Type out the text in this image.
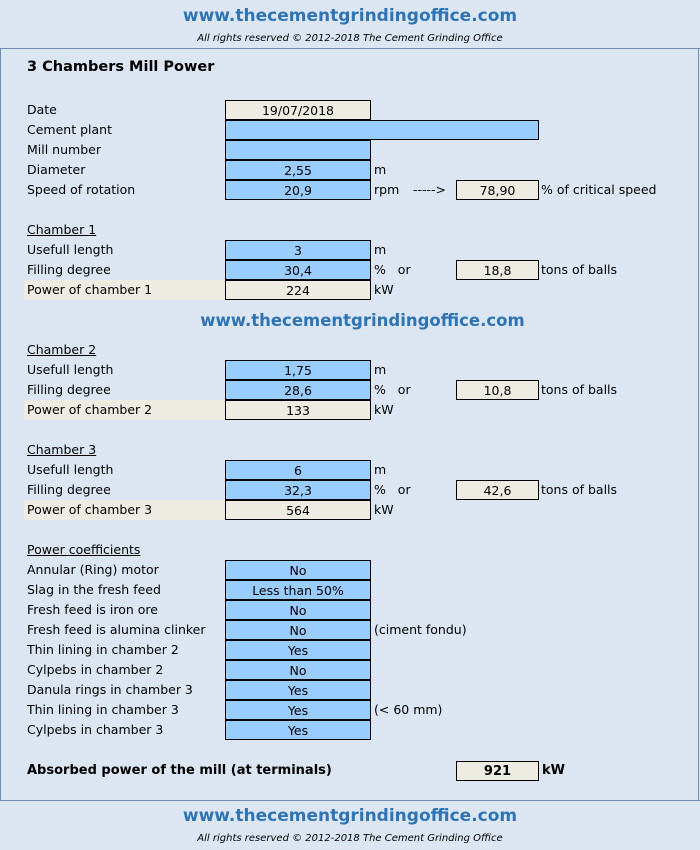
www.thecementgrindingoffice.com
All rights reserved © 2012-2018 The Cement Grinding Office
3 Chambers Mill Power
Date	19/07/2018
Cement plant
Mill number
Diameter	2,55	m
Speed of rotation	20,9	rpm ----->	78,90	% of critical speed
Chamber 1
Usefull length	3	m
Filling degree	30,4	%   or	18,8	tons of balls
Power of chamber 1	224	kW
www.thecementgrindingoffice.com
Chamber 2
Usefull length	1,75	m
Filling degree	28,6	%   or	10,8	tons of balls
Power of chamber 2	133	kW
Chamber 3
Usefull length	6	m
Filling degree	32,3	%   or	42,6	tons of balls
Power of chamber 3	564	kW
Power coefficients
Annular (Ring) motor	No
Slag in the fresh feed	Less than 50%
Fresh feed is iron ore	No
Fresh feed is alumina clinker	No	(ciment fondu)
Thin lining in chamber 2	Yes
Cylpebs in chamber 2	No
Danula rings in chamber 3	Yes
Thin lining in chamber 3	Yes	(< 60 mm)
Cylpebs in chamber 3	Yes
Absorbed power of the mill (at terminals)	921	kW
www.thecementgrindingoffice.com
All rights reserved © 2012-2018 The Cement Grinding Office
